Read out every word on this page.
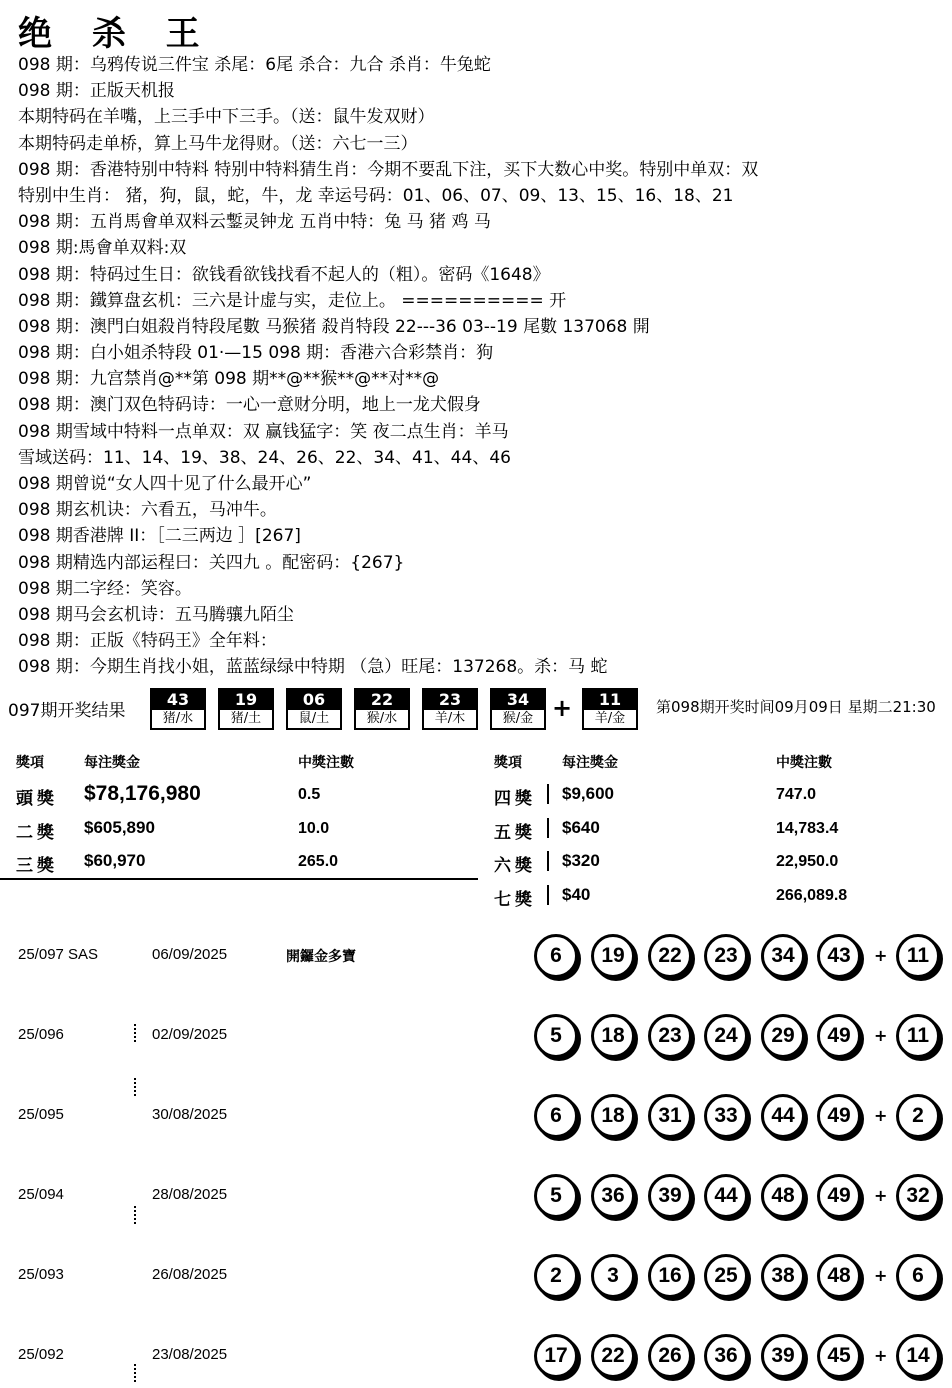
绝 杀 王
098 期：乌鸦传说三件宝 杀尾：6尾 杀合：九合 杀肖：牛兔蛇
098 期：正版天机报
本期特码在羊嘴，上三手中下三手。（送：鼠牛发双财）
本期特码走单桥，算上马牛龙得财。（送：六七一三）
098 期：香港特别中特料 特别中特料猜生肖：今期不要乱下注，买下大数心中奖。特别中单双：双
特别中生肖： 猪，狗，鼠，蛇，牛，龙 幸运号码：01、06、07、09、13、15、16、18、21
098 期：五肖馬會单双料云鏨灵钟龙 五肖中特：兔 马 猪 鸡 马
098 期:馬會单双料:双
098 期：特码过生日：欲钱看欲钱找看不起人的（粗）。密码《1648》
098 期：鐵算盘玄机：三六是计虚与实，走位上。 ========== 开
098 期：澳門白姐殺肖特段尾數 马猴猪 殺肖特段 22---36 03--19 尾數 137068 開
098 期：白小姐杀特段 01·—15 098 期：香港六合彩禁肖：狗
098 期：九宫禁肖@**第 098 期**@**猴**@**对**@
098 期：澳门双色特码诗：一心一意财分明，地上一龙犬假身
098 期雪域中特料一点单双：双 赢钱猛字：笑 夜二点生肖：羊马
雪域送码：11、14、19、38、24、26、22、34、41、44、46
098 期曾说“女人四十见了什么最开心”
098 期玄机诀：六看五，马冲牛。
098 期香港牌 II：［二三两边 ］[267]
098 期精选内部运程曰：关四九 。配密码：{267}
098 期二字经：笑容。
098 期马会玄机诗：五马腾骧九陌尘
098 期：正版《特码王》全年料：
098 期：今期生肖找小姐，蓝蓝绿绿中特期 （急）旺尾：137268。杀：马 蛇
097期开奖结果
43
猪/水
19
猪/土
06
鼠/土
22
猴/水
23
羊/木
34
猴/金 +	11
羊/金
第098期开奖时间09月09日 星期二21:30
獎項	每注獎金	中獎注數	獎項	每注獎金	中獎注數
頭獎 $78,176,980	0.5
二獎 $605,890	10.0
三獎 $60,970	265.0
四獎 $9,600	747.0
五獎 $640	14,783.4
六獎 $320	22,950.0
七獎 $40	266,089.8
25/097 SAS	06/09/2025	開鑼金多寶	6	19	22	23	34	43	+ 11
25/096	02/09/2025	5	18	23	24	29	49	+ 11
25/095	30/08/2025	6	18	31	33	44	49	+	2
25/094	28/08/2025	5	36	39	44	48	49	+ 32
25/093	26/08/2025	2	3	16	25	38	48	+	6
25/092	23/08/2025	17	22	26	36	39	45	+ 14
